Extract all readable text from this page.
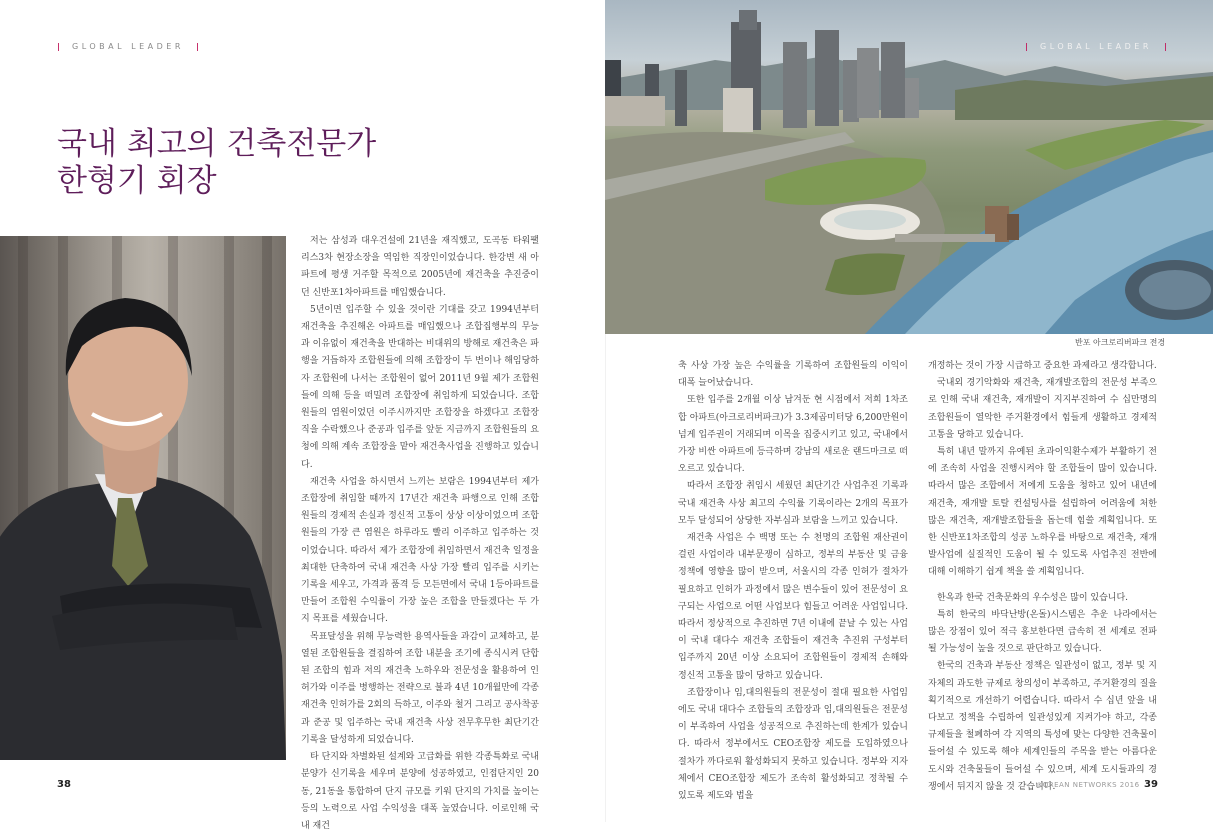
| GLOBAL LEADER |
국내 최고의 건축전문가
한형기 회장
| GLOBAL LEADER |
반포 아크로리버파크 전경

저는 삼성과 대우건설에 21년을 재직했고, 도곡동 타워팰리스3차 현장소장을 역임한 직장인이었습니다. 한강변 새 아파트에 평생 거주할 목적으로 2005년에 재건축을 추진중이던 신반포1차아파트를 매입했습니다.

5년이면 입주할 수 있을 것이란 기대를 갖고 1994년부터 재건축을 추진해온 아파트를 매입했으나 조합집행부의 무능과 이유없이 재건축을 반대하는 비대위의 방해로 재건축은 파행을 거듭하자 조합원들에 의해 조합장이 두 번이나 해임당하자 조합원에 나서는 조합원이 없어 2011년 9월 제가 조합원들에 의해 등을 떠밀려 조합장에 취임하게 되었습니다. 조합원들의 염원이었던 이주시까지만 조합장을 하겠다고 조합장직을 수락했으나 준공과 입주를 앞둔 지금까지 조합원들의 요청에 의해 계속 조합장을 맡아 재건축사업을 진행하고 있습니다.

재건축 사업을 하시면서 느끼는 보람은 1994년부터 제가 조합장에 취임할 때까지 17년간 재건축 파행으로 인해 조합원들의 경제적 손실과 정신적 고통이 상상 이상이었으며 조합원들의 가장 큰 염원은 하루라도 빨리 이주하고 입주하는 것이었습니다. 따라서 제가 조합장에 취임하면서 재건축 일정을 최대한 단축하여 국내 재건축 사상 가장 빨리 입주를 시키는 기록을 세우고, 가격과 품격 등 모든면에서 국내 1등아파트를 만들어 조합원 수익률이 가장 높은 조합을 만들겠다는 두 가지 목표를 세웠습니다.

목표달성을 위해 무능력한 용역사들을 과감이 교체하고, 분열된 조합원들을 결집하여 조합 내분을 조기에 종식시켜 단합된 조합의 힘과 저의 재건축 노하우와 전문성을 활용하여 인허가와 이주를 병행하는 전략으로 불과 4년 10개월만에 각종 재건축 인허가를 2회의 득하고, 이주와 철거 그리고 공사착공과 준공 및 입주하는 국내 재건축 사상 전무후무한 최단기간 기록을 달성하게 되었습니다.

타 단지와 차별화된 설계와 고급화를 위한 각종특화로 국내 분양가 신기록을 세우며 분양에 성공하였고, 인접단지인 20동, 21동을 통합하여 단지 규모를 키워 단지의 가치를 높이는 등의 노력으로 사업 수익성을 대폭 높였습니다. 이로인해 국내 재건

축 사상 가장 높은 수익률을 기록하여 조합원들의 이익이 대폭 늘어났습니다.

또한 입주를 2개월 이상 남겨둔 현 시점에서 저희 1차조합 아파트(아크로리버파크)가 3.3제곱미터당 6,200만원이 넘게 입주권이 거래되며 이목을 집중시키고 있고, 국내에서 가장 비싼 아파트에 등극하며 강남의 새로운 랜드마크로 떠오르고 있습니다.

따라서 조합장 취임시 세웠던 최단기간 사업추진 기록과 국내 재건축 사상 최고의 수익률 기록이라는 2개의 목표가 모두 달성되어 상당한 자부심과 보람을 느끼고 있습니다.

재건축 사업은 수 백명 또는 수 천명의 조합원 재산권이 걸린 사업이라 내부문쟁이 심하고, 정부의 부동산 및 금융정책에 영향을 많이 받으며, 서울시의 각종 인허가 절차가 필요하고 인허가 과정에서 많은 변수들이 있어 전문성이 요구되는 사업으로 어떤 사업보다 힘들고 어려운 사업입니다. 따라서 정상적으로 추진하면 7년 이내에 끝날 수 있는 사업이 국내 대다수 재건축 조합들이 재건축 추진위 구성부터 입주까지 20년 이상 소요되어 조합원들이 경제적 손해와 정신적 고통을 많이 당하고 있습니다.

조합장이나 임,대의원들의 전문성이 절대 필요한 사업임에도 국내 대다수 조합들의 조합장과 임,대의원들은 전문성이 부족하여 사업을 성공적으로 추진하는데 한계가 있습니다. 따라서 정부에서도 CEO조합장 제도를 도입하였으나 절차가 까다로워 활성화되지 못하고 있습니다. 정부와 지자체에서 CEO조합장 제도가 조속히 활성화되고 정착될 수 있도록 제도와 법을

개정하는 것이 가장 시급하고 중요한 과제라고 생각합니다.

국내외 경기악화와 재건축, 재개발조합의 전문성 부족으로 인해 국내 재건축, 재개발이 지지부진하여 수 십만명의 조합원들이 열악한 주거환경에서 힘들게 생활하고 경제적 고통을 당하고 있습니다.

특히 내년 말까지 유예된 초과이익환수제가 부활하기 전에 조속히 사업을 진행시켜야 할 조합들이 많이 있습니다. 따라서 많은 조합에서 저에게 도움을 청하고 있어 내년에 재건축, 재개발 토탈 컨설팅사를 설립하여 어려움에 처한 많은 재건축, 재개발조합들을 돕는데 힘쓸 계획입니다. 또한 신반포1차조합의 성공 노하우를 바탕으로 재건축, 재개발사업에 실질적인 도움이 될 수 있도록 사업추진 전반에 대해 이해하기 쉽게 책을 쓸 계획입니다.

한옥과 한국 건축문화의 우수성은 많이 있습니다.

특히 한국의 바닥난방(온돌)시스템은 추운 나라에서는 많은 장점이 있어 적극 홍보한다면 급속히 전 세계로 전파될 가능성이 높을 것으로 판단하고 있습니다.

한국의 건축과 부동산 정책은 일관성이 없고, 정부 및 지자체의 과도한 규제로 창의성이 부족하고, 주거환경의 질을 획기적으로 개선하기 어렵습니다. 따라서 수 십년 앞을 내다보고 정책을 수립하여 일관성있게 지켜가야 하고, 각종 규제들을 철폐하여 각 지역의 특성에 맞는 다양한 건축물이 들어설 수 있도록 해야 세계인들의 주목을 받는 아름다운 도시와 건축물들이 들어설 수 있으며, 세계 도시들과의 경쟁에서 뒤지지 않을 것 같습니다.

38	KOREAN NETWORKS 2016 39
